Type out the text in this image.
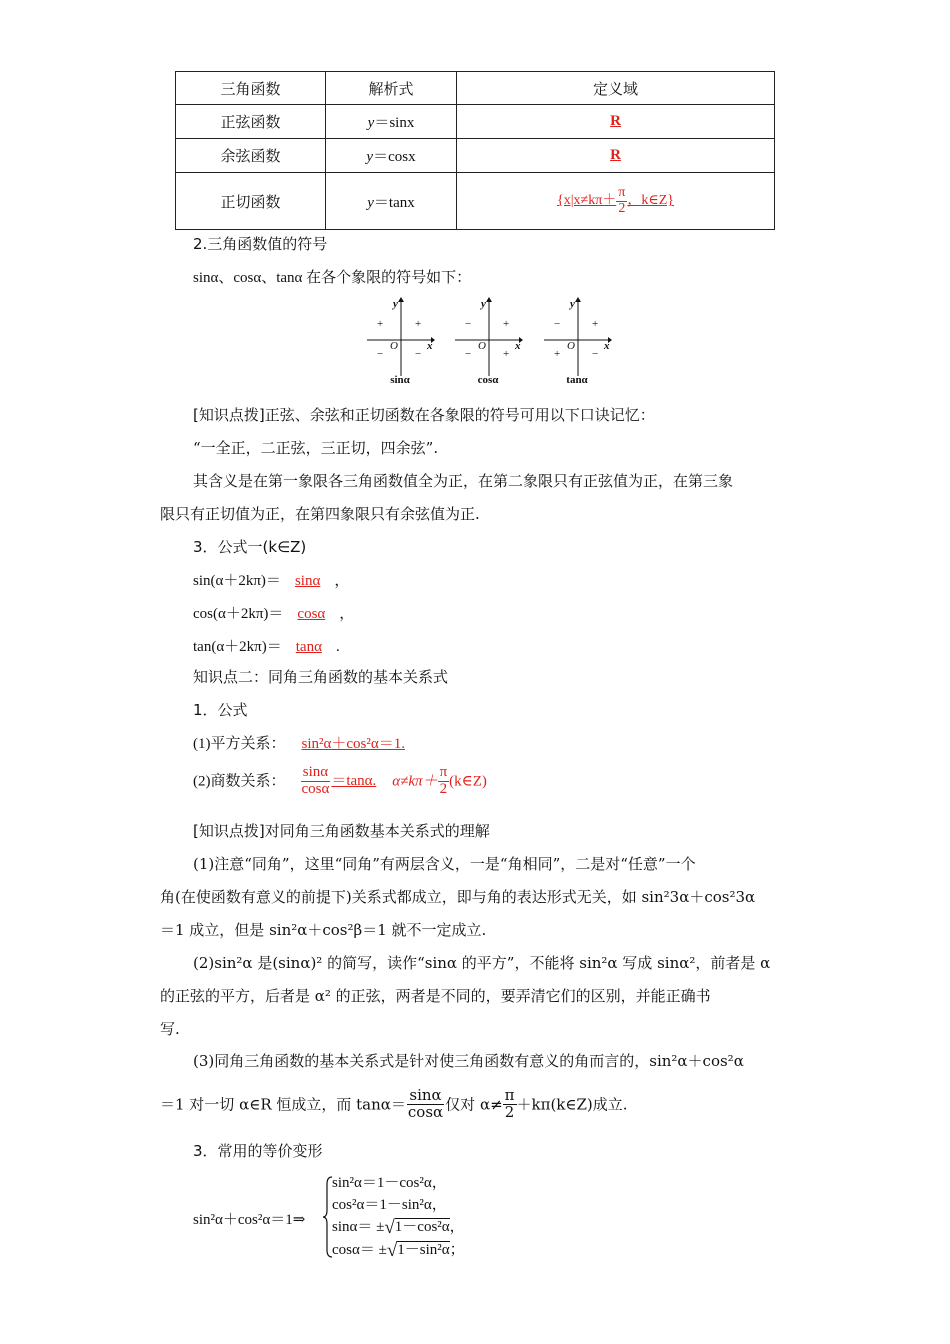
三角函数	解析式	定义域
正弦函数	y＝sinx	R
余弦函数	y＝cosx	R
正切函数	y＝tanx	{$x|x\ne k\pi+ \frac{\pi}{2}$ ，k∈Z}
2.三角函数值的符号
sinα、cosα、tanα 在各个象限的符号如下：
y
x
O
+
+
−	−
sinα
y
x
O
+
−
−	+
cosα
y
x
O
+
−
+	−
tanα
[知识点拨]正弦、余弦和正切函数在各象限的符号可用以下口诀记忆：
“一全正，二正弦，三正切，四余弦”.
其含义是在第一象限各三角函数值全为正，在第二象限只有正弦值为正，在第三象
限只有正切值为正，在第四象限只有余弦值为正.
3．公式一(k∈Z)
sin(α＋2kπ)＝ sinα ，
cos(α＋2kπ)＝ cosα ，
tan(α＋2kπ)＝ tanα .
知识点二：同角三角函数的基本关系式
1．公式
(1)平方关系： sin²α＋cos²α＝1.
(2)商数关系： $\frac{\sin\alpha}{\cos\alpha} =\tan\alpha$. $\alpha\ne k\pi+ \frac{\pi}{2}$ (k∈Z)
[知识点拨]对同角三角函数基本关系式的理解
(1)注意“同角”，这里“同角”有两层含义，一是“角相同”，二是对“任意”一个
角(在使函数有意义的前提下)关系式都成立，即与角的表达形式无关，如 sin²3α＋cos²3α
＝1 成立，但是 sin²α＋cos²β＝1 就不一定成立.
(2)sin²α 是(sinα)² 的简写，读作“sinα 的平方”，不能将 sin²α 写成 sinα²，前者是 α
的正弦的平方，后者是 α² 的正弦，两者是不同的，要弄清它们的区别，并能正确书
写.
(3)同角三角函数的基本关系式是针对使三角函数有意义的角而言的，sin²α＋cos²α
＝1 对一切 α∈R 恒成立，而 $\tan\alpha= \frac{\sin\alpha}{\cos\alpha}$ 仅对 $\alpha\ne \frac{\pi}{2}$ ＋kπ(k∈Z)成立.
3．常用的等价变形
sin²α＋cos²α＝1⇒
sin²α＝1－cos²α，
cos²α＝1－sin²α，
sinα＝ ±√1－cos²α，
cosα＝ ±√1－sin²α；
